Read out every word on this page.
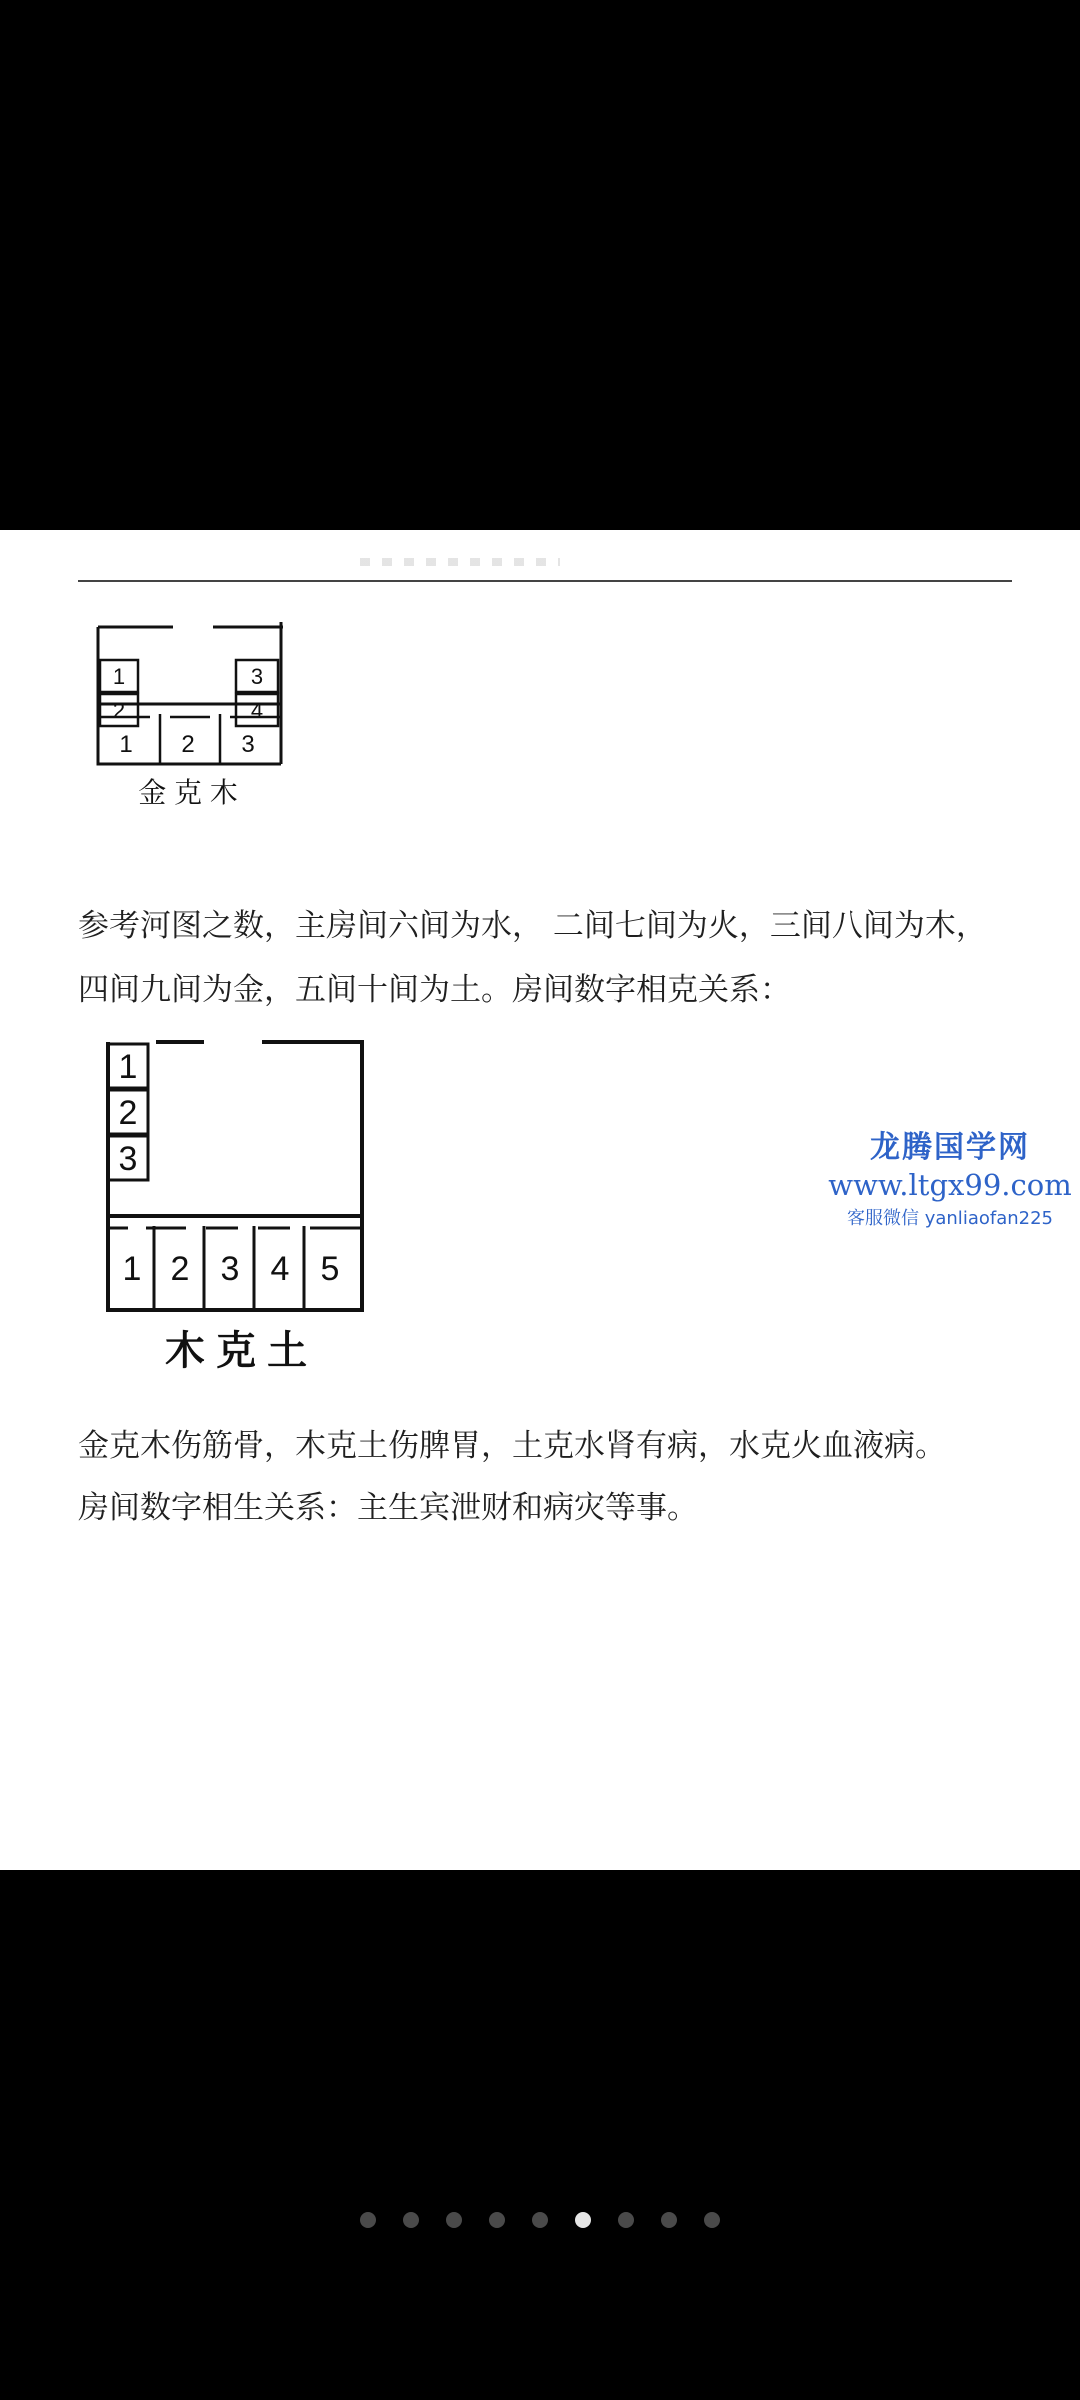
1
2
3
4
1 2 3
金 克 木
参考河图之数，主房间六间为水， 二间七间为火，三间八间为木，
四间九间为金，五间十间为土。房间数字相克关系：
1
2
3
1 2 3 4 5
木 克 土
龙腾国学网
www.ltgx99.com
客服微信 yanliaofan225
金克木伤筋骨，木克土伤脾胃，土克水肾有病，水克火血液病。
房间数字相生关系：主生宾泄财和病灾等事。
